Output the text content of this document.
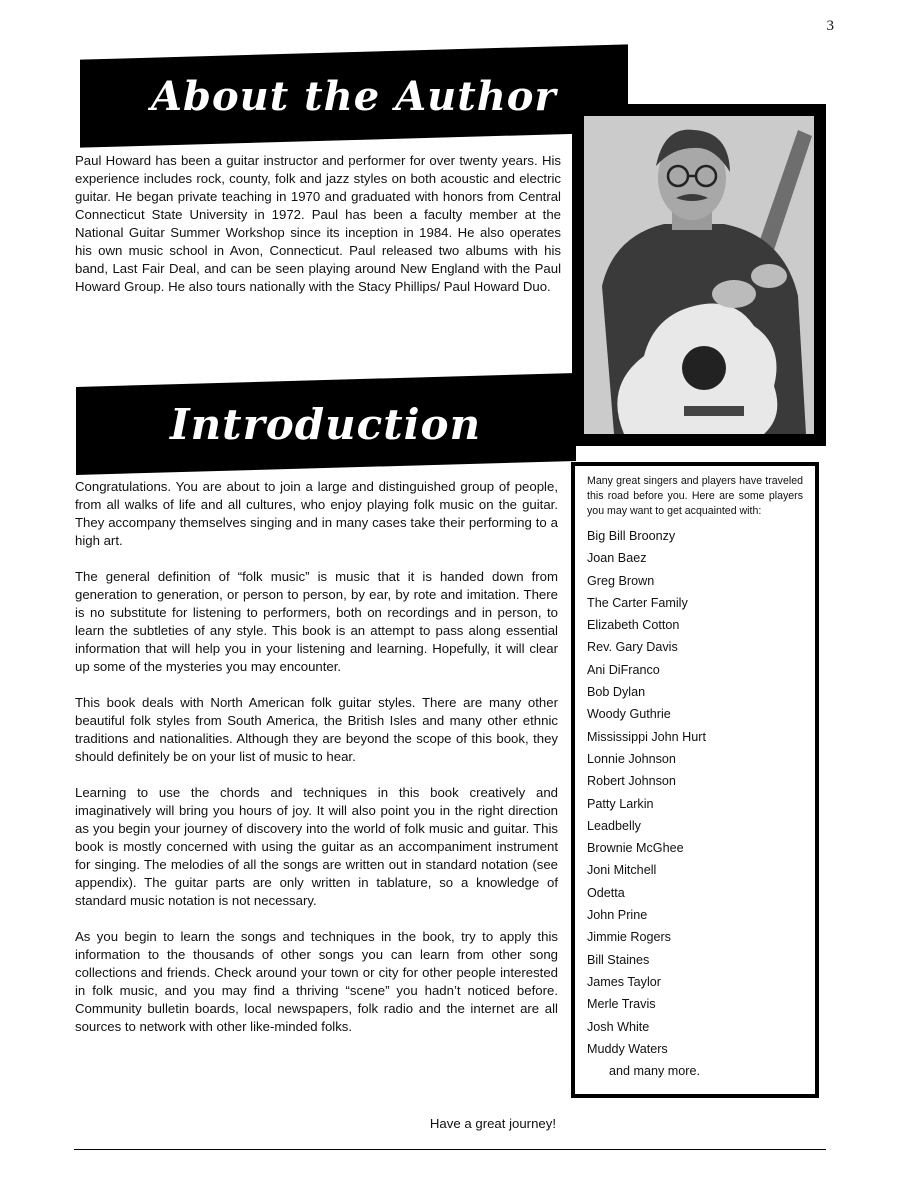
3
About the Author

Paul Howard has been a guitar instructor and performer for over twenty years. His experience includes rock, county, folk and jazz styles on both acoustic and electric guitar. He began private teaching in 1970 and graduated with honors from Central Connecticut State University in 1972. Paul has been a faculty member at the National Guitar Summer Workshop since its inception in 1984. He also operates his own music school in Avon, Connecticut. Paul released two albums with his band, Last Fair Deal, and can be seen playing around New England with the Paul Howard Group. He also tours nationally with the Stacy Phillips/ Paul Howard Duo.

Introduction

Congratulations. You are about to join a large and distinguished group of people, from all walks of life and all cultures, who enjoy playing folk music on the guitar. They accompany themselves singing and in many cases take their performing to a high art.

The general definition of “folk music” is music that it is handed down from generation to generation, or person to person, by ear, by rote and imitation. There is no substitute for listening to performers, both on recordings and in person, to learn the subtleties of any style. This book is an attempt to pass along essential information that will help you in your listening and learning. Hopefully, it will clear up some of the mysteries you may encounter.

This book deals with North American folk guitar styles. There are many other beautiful folk styles from South America, the British Isles and many other ethnic traditions and nationalities. Although they are beyond the scope of this book, they should definitely be on your list of music to hear.

Learning to use the chords and techniques in this book creatively and imaginatively will bring you hours of joy. It will also point you in the right direction as you begin your journey of discovery into the world of folk music and guitar. This book is mostly concerned with using the guitar as an accompaniment instrument for singing. The melodies of all the songs are written out in standard notation (see appendix). The guitar parts are only written in tablature, so a knowledge of standard music notation is not necessary.

As you begin to learn the songs and techniques in the book, try to apply this information to the thousands of other songs you can learn from other song collections and friends. Check around your town or city for other people interested in folk music, and you may find a thriving “scene” you hadn’t noticed before. Community bulletin boards, local newspapers, folk radio and the internet are all sources to network with other like-minded folks.

Many great singers and players have traveled this road before you. Here are some players you may want to get acquainted with:

Big Bill Broonzy
Joan Baez
Greg Brown
The Carter Family
Elizabeth Cotton
Rev. Gary Davis
Ani DiFranco
Bob Dylan
Woody Guthrie
Mississippi John Hurt
Lonnie Johnson
Robert Johnson
Patty Larkin
Leadbelly
Brownie McGhee
Joni Mitchell
Odetta
John Prine
Jimmie Rogers
Bill Staines
James Taylor
Merle Travis
Josh White
Muddy Waters
and many more.
Have a great journey!
